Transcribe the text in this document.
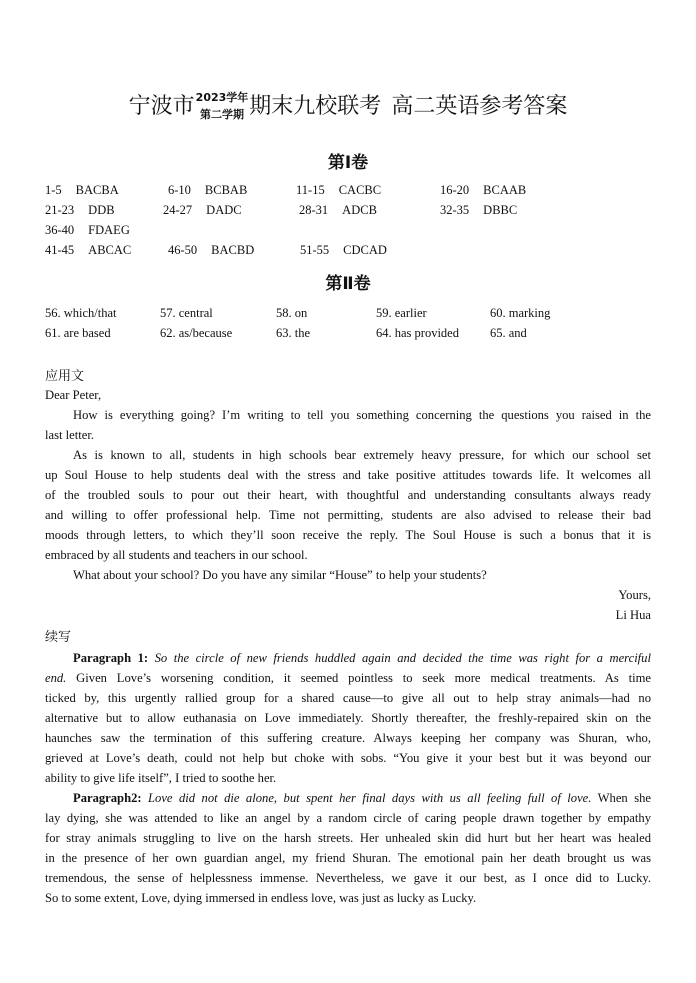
宁波市 2023学年
第二学期 期末九校联考 高二英语参考答案
第Ⅰ卷
1-5 BACBA	6-10 BCBAB	11-15 CACBC	16-20 BCAAB
21-23 DDB	24-27 DADC	28-31 ADCB	32-35 DBBC
36-40 FDAEG
41-45 ABCAC	46-50 BACBD	51-55 CDCAD
第Ⅱ卷
56. which/that	57. central	58. on	59. earlier	60. marking
61. are based	62. as/because	63. the	64. has provided 65. and
应用文
Dear Peter,
How is everything going? I’m writing to tell you something concerning the questions you raised in the
last letter.
As is known to all, students in high schools bear extremely heavy pressure, for which our school set
up Soul House to help students deal with the stress and take positive attitudes towards life. It welcomes all
of the troubled souls to pour out their heart, with thoughtful and understanding consultants always ready
and willing to offer professional help. Time not permitting, students are also advised to release their bad
moods through letters, to which they’ll soon receive the reply. The Soul House is such a bonus that it is
embraced by all students and teachers in our school.
What about your school? Do you have any similar “House” to help your students?
Yours,
Li Hua
续写
Paragraph 1: So the circle of new friends huddled again and decided the time was right for a merciful
end. Given Love’s worsening condition, it seemed pointless to seek more medical treatments. As time
ticked by, this urgently rallied group for a shared cause—to give all out to help stray animals—had no
alternative but to allow euthanasia on Love immediately. Shortly thereafter, the freshly-repaired skin on the
haunches saw the termination of this suffering creature. Always keeping her company was Shuran, who,
grieved at Love’s death, could not help but choke with sobs. “You give it your best but it was beyond our
ability to give life itself”, I tried to soothe her.
Paragraph2: Love did not die alone, but spent her final days with us all feeling full of love. When she
lay dying, she was attended to like an angel by a random circle of caring people drawn together by empathy
for stray animals struggling to live on the harsh streets. Her unhealed skin did hurt but her heart was healed
in the presence of her own guardian angel, my friend Shuran. The emotional pain her death brought us was
tremendous, the sense of helplessness immense. Nevertheless, we gave it our best, as I once did to Lucky.
So to some extent, Love, dying immersed in endless love, was just as lucky as Lucky.
